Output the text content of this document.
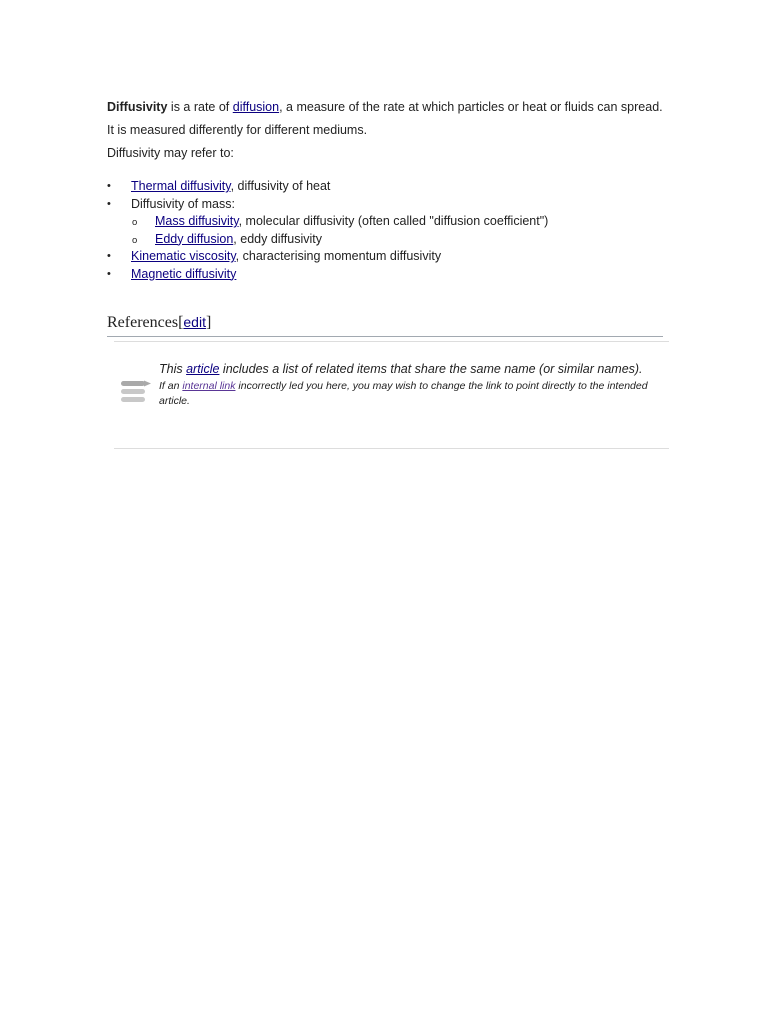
Diffusivity is a rate of diffusion, a measure of the rate at which particles or heat or fluids can spread.

It is measured differently for different mediums.

Diffusivity may refer to:

• Thermal diffusivity, diffusivity of heat
• Diffusivity of mass:
o Mass diffusivity, molecular diffusivity (often called "diffusion coefficient")
o Eddy diffusion, eddy diffusivity
• Kinematic viscosity, characterising momentum diffusivity
• Magnetic diffusivity
References[edit]

This article includes a list of related items that share the same name (or similar names).

If an internal link incorrectly led you here, you may wish to change the link to point directly to the intended article.
